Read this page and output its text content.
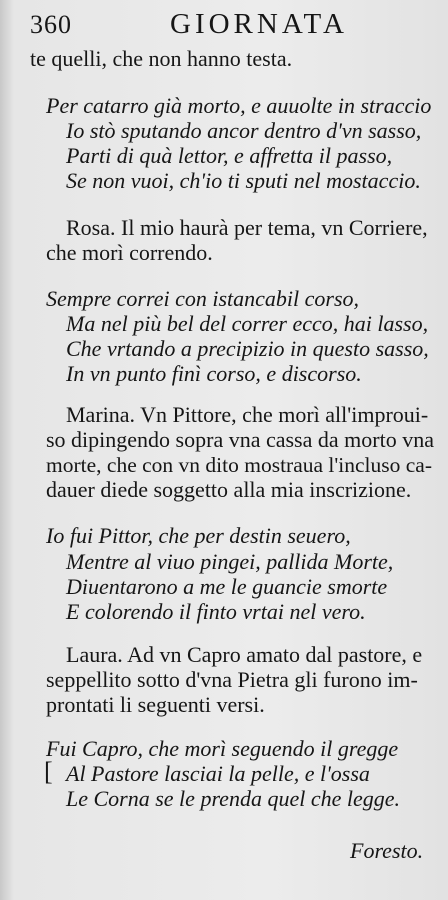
360	GIORNATA
te quelli, che non hanno testa.
Per catarro già morto, e auuolte in straccio
Io stò sputando ancor dentro d'vn sasso,
Parti di quà lettor, e affretta il passo,
Se non vuoi, ch'io ti sputi nel mostaccio.
Rosa. Il mio haurà per tema, vn Corriere,
che morì correndo.
Sempre correi con istancabil corso,
Ma nel più bel del correr ecco, hai lasso,
Che vrtando a precipizio in questo sasso,
In vn punto finì corso, e discorso.
Marina. Vn Pittore, che morì all'improui-
so dipingendo sopra vna cassa da morto vna
morte, che con vn dito mostraua l'incluso ca-
dauer diede soggetto alla mia inscrizione.
Io fui Pittor, che per destin seuero,
Mentre al viuo pingei, pallida Morte,
Diuentarono a me le guancie smorte
E colorendo il finto vrtai nel vero.
Laura. Ad vn Capro amato dal pastore, e
seppellito sotto d'vna Pietra gli furono im-
prontati li seguenti versi.
Fui Capro, che morì seguendo il gregge
[ Al Pastore lasciai la pelle, e l'ossa
Le Corna se le prenda quel che legge.
Foresto.
